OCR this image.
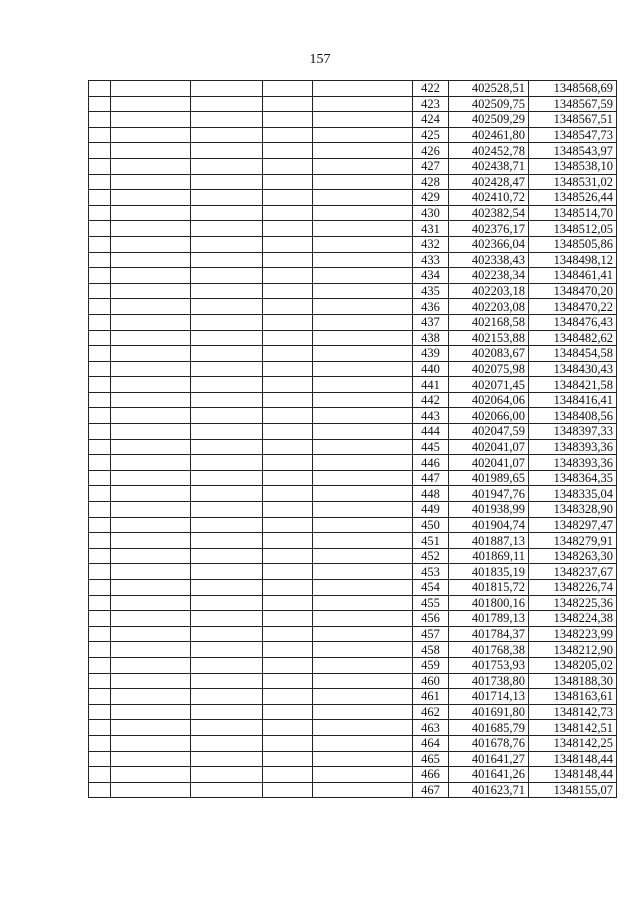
157
					422	402528,51	1348568,69
					423	402509,75	1348567,59
					424	402509,29	1348567,51
					425	402461,80	1348547,73
					426	402452,78	1348543,97
					427	402438,71	1348538,10
					428	402428,47	1348531,02
					429	402410,72	1348526,44
					430	402382,54	1348514,70
					431	402376,17	1348512,05
					432	402366,04	1348505,86
					433	402338,43	1348498,12
					434	402238,34	1348461,41
					435	402203,18	1348470,20
					436	402203,08	1348470,22
					437	402168,58	1348476,43
					438	402153,88	1348482,62
					439	402083,67	1348454,58
					440	402075,98	1348430,43
					441	402071,45	1348421,58
					442	402064,06	1348416,41
					443	402066,00	1348408,56
					444	402047,59	1348397,33
					445	402041,07	1348393,36
					446	402041,07	1348393,36
					447	401989,65	1348364,35
					448	401947,76	1348335,04
					449	401938,99	1348328,90
					450	401904,74	1348297,47
					451	401887,13	1348279,91
					452	401869,11	1348263,30
					453	401835,19	1348237,67
					454	401815,72	1348226,74
					455	401800,16	1348225,36
					456	401789,13	1348224,38
					457	401784,37	1348223,99
					458	401768,38	1348212,90
					459	401753,93	1348205,02
					460	401738,80	1348188,30
					461	401714,13	1348163,61
					462	401691,80	1348142,73
					463	401685,79	1348142,51
					464	401678,76	1348142,25
					465	401641,27	1348148,44
					466	401641,26	1348148,44
					467	401623,71	1348155,07
